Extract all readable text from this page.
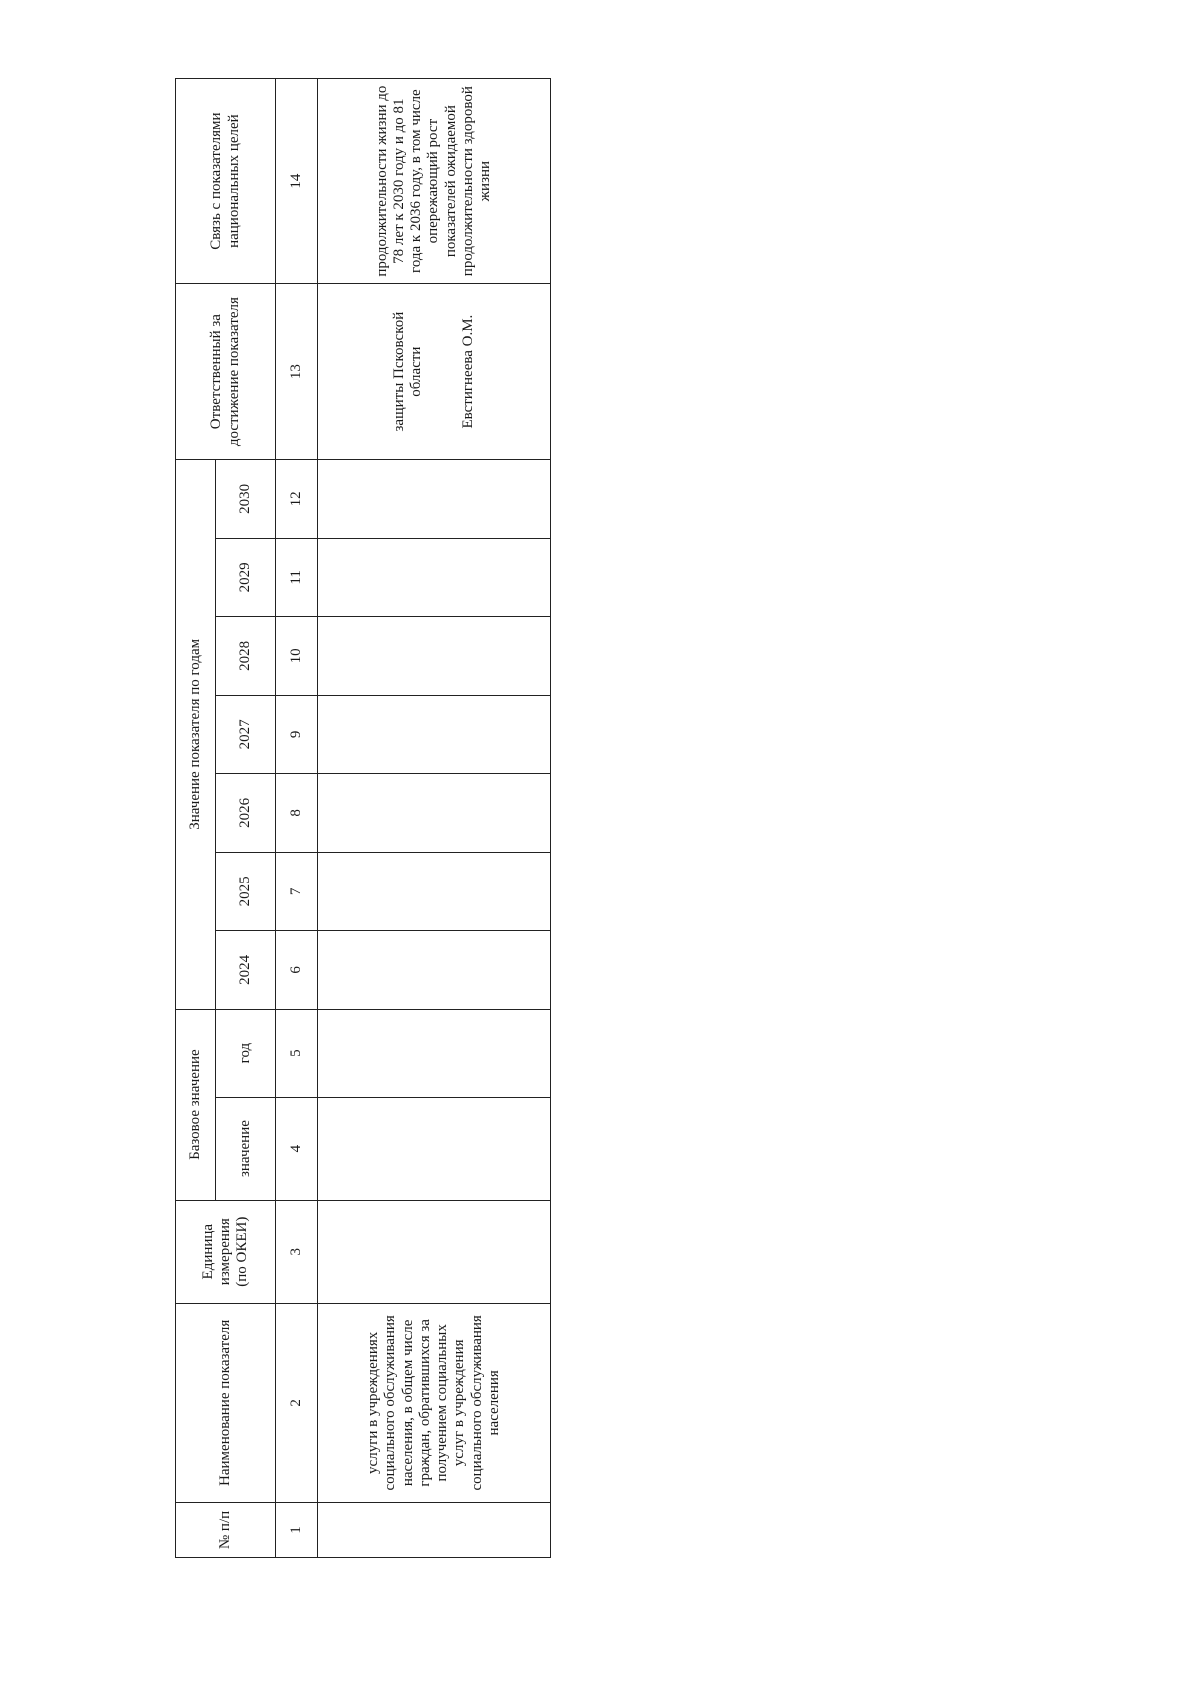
№ п/п	Наименование показателя	Единица измерения (по ОКЕИ)	Базовое значение		Значение показателя по годам							Ответственный за достижение показателя	Связь с показателями национальных целей
			значение	год	2024	2025	2026	2027	2028	2029	2030		
1	2	3	4	5	6	7	8	9	10	11	12	13	14
	услуги в учреждениях социального обслуживания населения, в общем числе граждан, обратившихся за получением социальных услуг в учреждения социального обслуживания населения											защиты Псковской области Евстигнеева О.М.	продолжительности жизни до 78 лет к 2030 году и до 81 года к 2036 году, в том числе опережающий рост показателей ожидаемой продолжительности здоровой жизни
